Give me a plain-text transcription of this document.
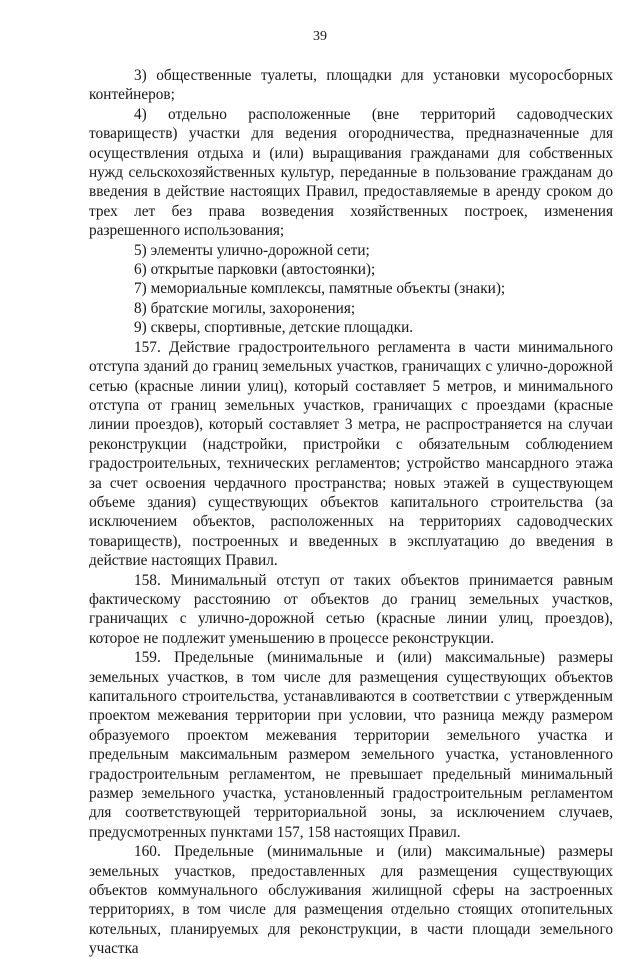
39

3) общественные туалеты, площадки для установки мусоросборных контейнеров;

4) отдельно расположенные (вне территорий садоводческих товариществ) участки для ведения огородничества, предназначенные для осуществления отдыха и (или) выращивания гражданами для собственных нужд сельскохозяйственных культур, переданные в пользование гражданам до введения в действие настоящих Правил, предоставляемые в аренду сроком до трех лет без права возведения хозяйственных построек, изменения разрешенного использования;

5) элементы улично-дорожной сети;

6) открытые парковки (автостоянки);

7) мемориальные комплексы, памятные объекты (знаки);

8) братские могилы, захоронения;

9) скверы, спортивные, детские площадки.

157. Действие градостроительного регламента в части минимального отступа зданий до границ земельных участков, граничащих с улично-дорожной сетью (красные линии улиц), который составляет 5 метров, и минимального отступа от границ земельных участков, граничащих с проездами (красные линии проездов), который составляет 3 метра, не распространяется на случаи реконструкции (надстройки, пристройки с обязательным соблюдением градостроительных, технических регламентов; устройство мансардного этажа за счет освоения чердачного пространства; новых этажей в существующем объеме здания) существующих объектов капитального строительства (за исключением объектов, расположенных на территориях садоводческих товариществ), построенных и введенных в эксплуатацию до введения в действие настоящих Правил.

158. Минимальный отступ от таких объектов принимается равным фактическому расстоянию от объектов до границ земельных участков, граничащих с улично-дорожной сетью (красные линии улиц, проездов), которое не подлежит уменьшению в процессе реконструкции.

159. Предельные (минимальные и (или) максимальные) размеры земельных участков, в том числе для размещения существующих объектов капитального строительства, устанавливаются в соответствии с утвержденным проектом межевания территории при условии, что разница между размером образуемого проектом межевания территории земельного участка и предельным максимальным размером земельного участка, установленного градостроительным регламентом, не превышает предельный минимальный размер земельного участка, установленный градостроительным регламентом для соответствующей территориальной зоны, за исключением случаев, предусмотренных пунктами 157, 158 настоящих Правил.

160. Предельные (минимальные и (или) максимальные) размеры земельных участков, предоставленных для размещения существующих объектов коммунального обслуживания жилищной сферы на застроенных территориях, в том числе для размещения отдельно стоящих отопительных котельных, планируемых для реконструкции, в части площади земельного участка
